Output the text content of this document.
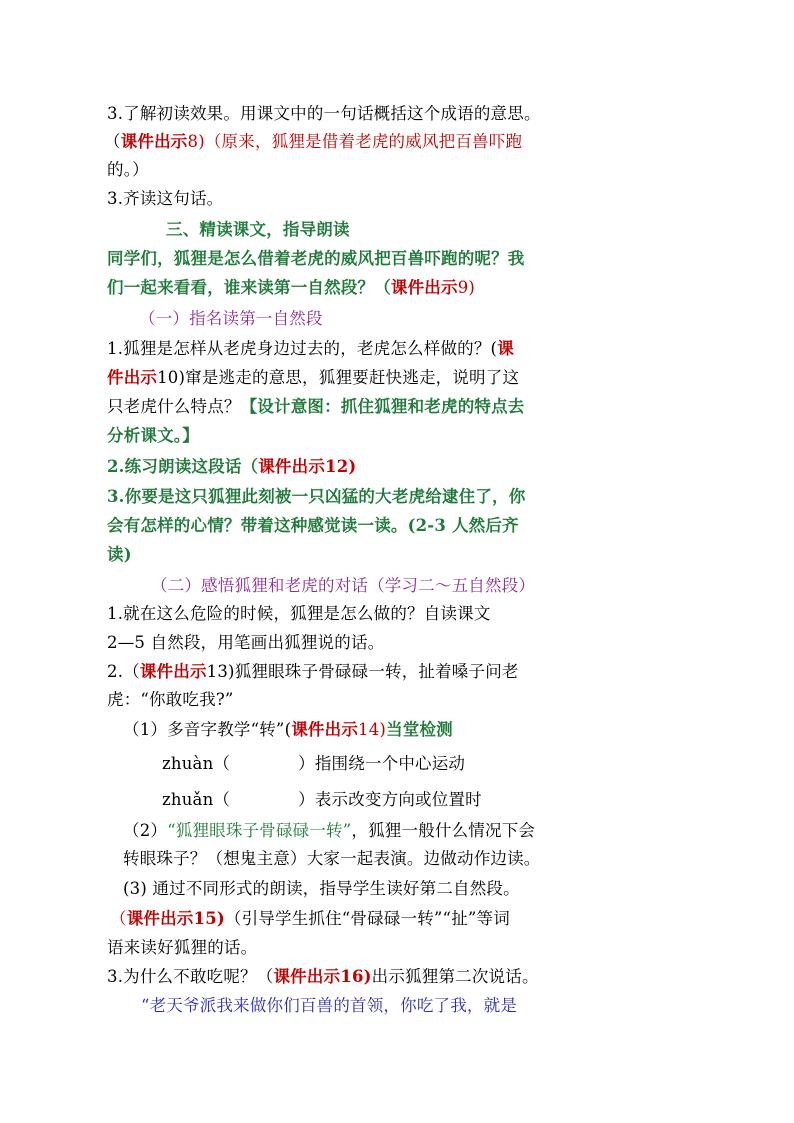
3.了解初读效果。用课文中的一句话概括这个成语的意思。
（课件出示8)（原来，狐狸是借着老虎的威风把百兽吓跑
的。）
3.齐读这句话。
三、精读课文，指导朗读
同学们，狐狸是怎么借着老虎的威风把百兽吓跑的呢？我
们一起来看看，谁来读第一自然段？（课件出示9)
（一）指名读第一自然段
1.狐狸是怎样从老虎身边过去的，老虎怎么样做的？(课
件出示10)窜是逃走的意思，狐狸要赶快逃走，说明了这
只老虎什么特点？【设计意图：抓住狐狸和老虎的特点去
分析课文。】
2.练习朗读这段话（课件出示12)
3.你要是这只狐狸此刻被一只凶猛的大老虎给逮住了，你
会有怎样的心情？带着这种感觉读一读。(2-3 人然后齐
读)
（二）感悟狐狸和老虎的对话（学习二～五自然段）
1.就在这么危险的时候，狐狸是怎么做的？自读课文
2—5 自然段，用笔画出狐狸说的话。
2.（课件出示13)狐狸眼珠子骨碌碌一转，扯着嗓子问老
虎：“你敢吃我?”
（1）多音字教学“转”(课件出示14)当堂检测
zhuàn（	）指围绕一个中心运动
zhuǎn（	）表示改变方向或位置时
（2）“狐狸眼珠子骨碌碌一转”，狐狸一般什么情况下会
转眼珠子？（想鬼主意）大家一起表演。边做动作边读。
(3) 通过不同形式的朗读，指导学生读好第二自然段。
（课件出示15)（引导学生抓住“骨碌碌一转”“扯”等词
语来读好狐狸的话。
3.为什么不敢吃呢？（课件出示16)出示狐狸第二次说话。
“老天爷派我来做你们百兽的首领，你吃了我，就是
